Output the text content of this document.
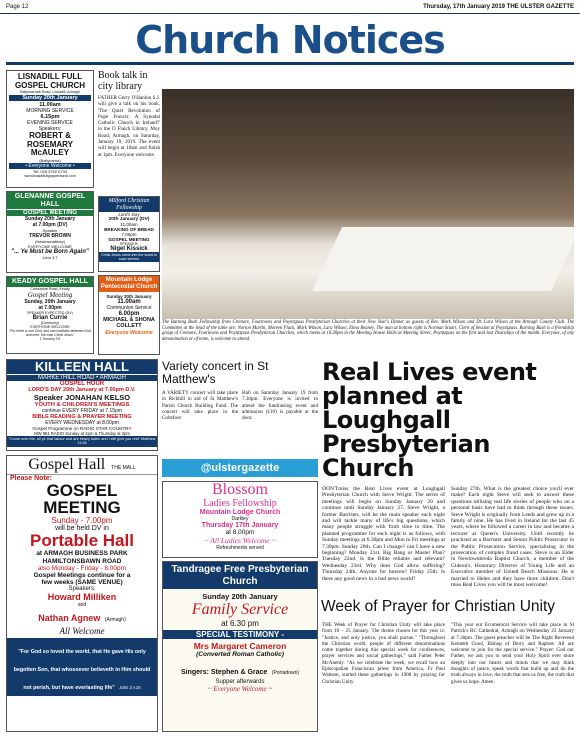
Page 12	Thursday, 17th January 2019 THE ULSTER GAZETTE
Church Notices
LISNADILL FULL GOSPEL CHURCH
Ballymacnab Road, Lisnadill, Armagh
Sunday 20th January
11.00am
MORNING SERVICE
6.15pm
EVENING SERVICE
Speakers:
ROBERT & ROSEMARY McAULEY
(Ballymena)
• Everyone Welcome •
Tel: 028 3752 0733
www.lisnadillfullgospelchurch.com
GLENANNE GOSPEL HALL
GOSPEL MEETING
Sunday 20th January
at 7.00pm (DV)
Speaker
TREVOR BROWN
(Newtownabbey)
EVERYONE WELCOME
"... Ye Must be Born Again"
John 3:7
KEADY GOSPEL HALL
Crossmore Road, Keady
Gospel Meeting
Sunday, 20th January
at 7.00pm
SPEAKER EXPECTED (DV)
Brian Currie
(Dunmurry)
EVERYONE WELCOME
"For there is one God, and one mediator between God and men, the man Christ Jesus"
1 Timothy 2:5
KILLEEN HALL
MARKETHILL ROAD • ARMAGH
GOSPEL HOUR
LORD'S DAY 20th January at 7.00pm D.V.
Speaker JONAHAN KELSO
YOUTH & CHILDREN'S MEETINGS
continue EVERY FRIDAY at 7.15pm
BIBLE READING & PRAYER MEETING
EVERY WEDNESDAY at 8.00pm
Gospel Programme on RADIO STAR COUNTRY
MW 981 RADIO Sunday at 2pm & Thursday at 3pm
"Come unto Me, all ye that labour and are heavy laden and I will give you rest" Matthew 11:28
Gospel Hall THE MALL
Please Note:
GOSPEL MEETING
Sunday - 7.00pm
will be held DV in
Portable Hall
at ARMAGH BUSINESS PARK HAMILTONSBAWN ROAD
also Monday - Friday - 8.00pm
Gospel Meetings continue for a
few weeks (SAME VENUE)
Speakers:
Howard Milliken
and
Nathan Agnew (Armagh)
All Welcome
"For God so loved the world, that He gave His only begotten Son, that whosoever believeth in Him should not perish, but have everlasting life" John 3 v.16
Book talk in city library
FATHER Gerry O'Hanlon S.J. will give a talk on his book, 'The Quiet Revolution of Pope Francis: A Synodal Catholic Church in Ireland?' in the O Fiaich Library, Moy Road, Armagh, on Saturday, January 19, 2019. The event will begin at 10am and finish at 1pm. Everyone welcome.
Milford Christian Fellowship
Lord's Day
20th January (DV)
11.00am
BREAKING OF BREAD
7.00pm
GOSPEL MEETING
SPEAKER:
Nigel Kissick
Christ Jesus came into the world to save sinners
Mountain Lodge Pentecostal Church
Sunday 20th January
11.00am
Communion Service
6.00pm
MICHAEL & SHONA COLLETT
Everyone Welcome
The Burning Bush Fellowship from Cremore, Fourtowns and Poyntzpass Presbyterian Churches at their New Year's Dinner as guests of Rev. Mark Wilson and Dr. Lara Wilson at the Armagh County Club. The Committee at the head of the table are: Norton Martin, Moreen Flack, Mark Wilson, Lara Wilson, Elma Reaney. The man at bottom right is Norman Stuart, Clerk of Session at Poyntzpass. Burning Bush is a friendship group of Cremore, Fourtowns and Poyntzpass Presbyterian Churches, which meets at 10.30pm in the Meeting House Halls at Meeting Street, Poyntzpass on the first and last Thursdays of the month. Everyone, of any denomination or of none, is welcome to attend.
Variety concert in St Matthew's
A VARIETY concert will take place in Richhill in aid of St Matthew's Parish Church Building Fund. The concert will take place in the Coltsfoot
Hall on Saturday January 19 from 7.30pm. Everyone is invited to attend the fundraising event and admission (£10) is payable at the door.
@ulstergazette
Blossom
Ladies Fellowship
Mountain Lodge Church
Darkley
Thursday 17th January
at 8.00pm
~ All Ladies Welcome ~
Refreshments served
Tandragee Free Presbyterian Church
Sunday 20th January
Family Service
at 6.30 pm
SPECIAL TESTIMONY -
Mrs Margaret Cameron
(Converted Roman Catholic)
Singers: Stephen & Grace (Portadown)
Supper afterwards
~ Everyone Welcome ~
Real Lives event planned at Loughgall Presbyterian Church
DON'Tmiss the Real Lives event at Loughgall Presbyterian Church with Steve Wright. The series of meetings will begin on Sunday January 20 and continue until Sunday January 27. Steve Wright, a former Barrister, will be the main speaker each night and will tackle many of life's big questions, which many people struggle with from time to time. The planned programme for each night is as follows, with Sunday meetings at 6.30pm and Mon to Fri meetings at 7.30pm. Sunday 20th. Can I change? can I have a new beginning? Monday 21st. Big Bang or Master Plan? Tuesday 22nd. Is the Bible reliable and relevant? Wednesday 23rd. Why does God allow suffering? Thursday 24th. Anyone for heaven? Friday 25th. Is there any good news in a bad news world?
Sunday 27th. What is the greatest choice you'll ever make? Each night Steve will seek to answer these questions utilising real life stories of people who on a personal basis have had to think through these issues. Steve Wright is originally from Leeds and grew up in a family of nine. He has lived in Ireland for the last 45 years, where he followed a career in law and became a lecturer at Queen's University. Until recently he practised as a Barrister and Senior Public Prosecutor in the Public Prosecution Service, specialising in the prosecution of complex fraud cases. Steve is an Elder in Newtownbreda Baptist Church, a member of the Gideon's, Honorary Director of Young Life and an Executive member of United Beach Missions. He is married to Helen and they have three children. Don't miss Real Lives you will be most welcome!
Week of Prayer for Christian Unity
THE Week of Prayer for Christian Unity will take place from 18 – 25 January. The theme chosen for this year is: "Justice, and only justice, you shall pursue." "Throughout the Christian world, people of different denominations come together during this special week for conferences, prayer services and social gatherings," said Father Peter McAnenly. "As we celebrate the week, we recall how an Episcopalian Franciscan priest from America, Fr Paul Wattson, started these gatherings in 1908 by praying for Christian Unity.
"This year our Ecumenical Service will take place in St Patrick's RC Cathedral, Armagh on Wednesday 23 January at 7.30pm. The guest preacher will be The Right Reverend Kenneth Good, Bishop of Derry and Raphoe. All are welcome to join for the special service." Prayer: God our Father, we ask you to send your Holy Spirit ever more deeply into our hearts and minds that we may think thoughts of peace, speak words that build up and do the truth always in love, the truth that sets us free, the truth that gives us hope. Amen.
